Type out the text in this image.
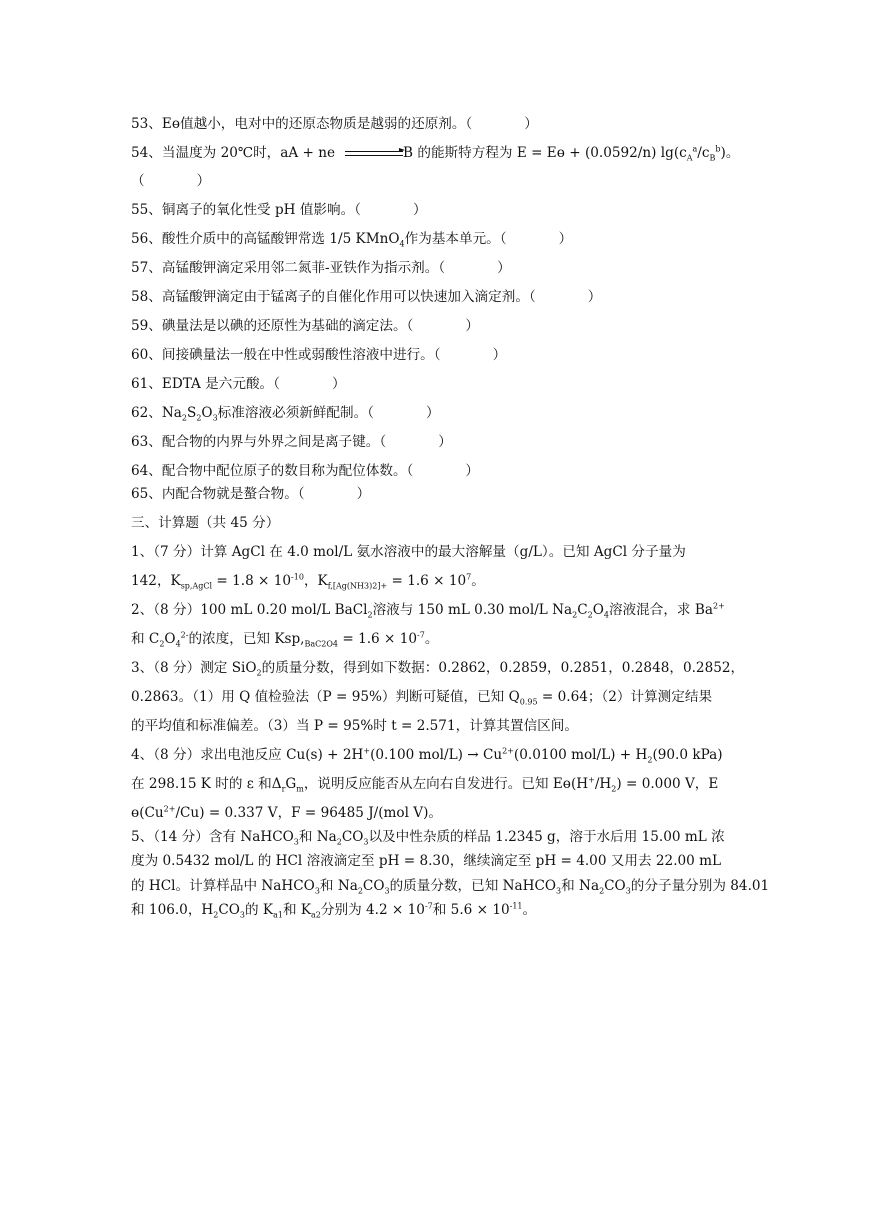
53、Eө值越小，电对中的还原态物质是越弱的还原剂。（	）
54、当温度为 20℃时，aA + ne	B 的能斯特方程为 E = Eө + (0.0592/n) $\lg(c_A^a/c_B^b)$。
（	）
55、铜离子的氧化性受 pH 值影响。（	）
56、酸性介质中的高锰酸钾常选 1/5 KMnO$_4$作为基本单元。（	）
57、高锰酸钾滴定采用邻二氮菲-亚铁作为指示剂。（	）
58、高锰酸钾滴定由于锰离子的自催化作用可以快速加入滴定剂。（	）
59、碘量法是以碘的还原性为基础的滴定法。（	）
60、间接碘量法一般在中性或弱酸性溶液中进行。（	）
61、EDTA 是六元酸。（	）
62、$Na_2S_2O_3$标准溶液必须新鲜配制。（	）
63、配合物的内界与外界之间是离子键。（	）
64、配合物中配位原子的数目称为配位体数。（	）
65、内配合物就是螯合物。（	）
三、计算题（共 45 分）
1、（7 分）计算 AgCl 在 4.0 mol/L 氨水溶液中的最大溶解量（g/L）。已知 AgCl 分子量为
142，$K_{sp,AgCl} = 1.8 \times 10^{-10}$，$K_{f,[Ag(NH3)2]+} = 1.6 \times 10^7$。
2、（8 分）100 mL 0.20 mol/L BaCl$_2$溶液与 150 mL 0.30 mol/L $Na_2C_2O_4$溶液混合，求 $Ba^{2+}$
和 $C_2O_4^{2-}$的浓度，已知 $Ksp,_{BaC2O4} = 1.6 \times 10^{-7}$。
3、（8 分）测定 SiO$_2$的质量分数，得到如下数据：0.2862，0.2859，0.2851，0.2848，0.2852，
0.2863。（1）用 Q 值检验法（P = 95%）判断可疑值，已知 $Q_{0.95} = 0.64$；（2）计算测定结果
的平均值和标准偏差。（3）当 P = 95%时 t = 2.571，计算其置信区间。
4、（8 分）求出电池反应 Cu(s) + 2H+(0.100 $mol/L) \to Cu^{2+}(0.0100$ $mol/L) + H_2(90.0$ kPa)
在 298.15 K 时的 ε 和$\Delta_rG_m$，说明反应能否从左向右自发进行。已知 $Eө(H^+/H_2) = 0.000$ V，E
$ө(Cu^{2+}/Cu) = 0.337$ V，F = 96485 J/(mol V)。
5、（14 分）含有 NaHCO$_3$和 $Na_2CO_3$以及中性杂质的样品 1.2345 g，溶于水后用 15.00 mL 浓
度为 0.5432 mol/L 的 HCl 溶液滴定至 pH = 8.30，继续滴定至 pH = 4.00 又用去 22.00 mL
的 HCl。计算样品中 NaHCO$_3$和 $Na_2CO_3$的质量分数，已知 NaHCO$_3$和 $Na_2CO_3$的分子量分别为 84.01
和 106.0，$H_2CO_3$的 $K_{a1}$和 $K_{a2}$分别为 $4.2 \times 10^{-7}$和 $5.6 \times 10^{-11}$。
